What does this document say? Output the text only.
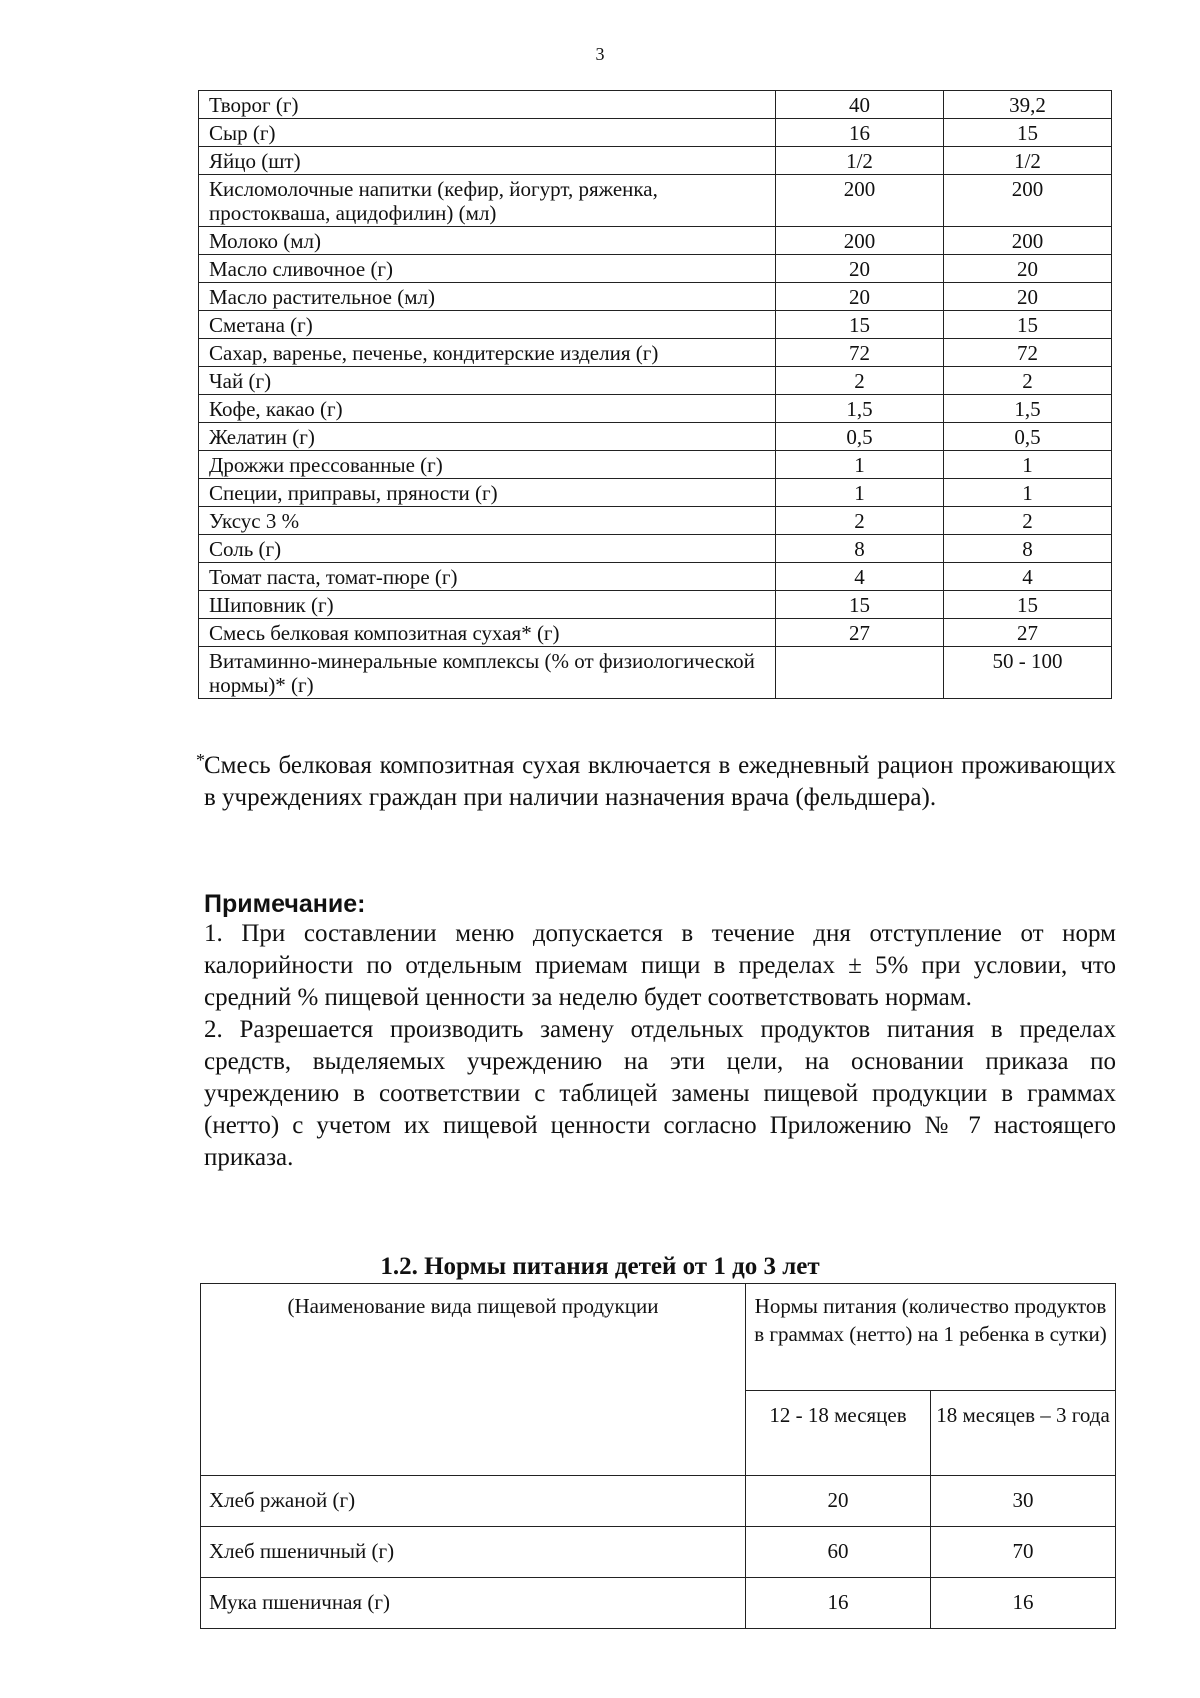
3
Творог (г)	40	39,2
Сыр (г)	16	15
Яйцо (шт)	1/2	1/2
Кисломолочные напитки (кефир, йогурт, ряженка, простокваша, ацидофилин) (мл)	200	200
Молоко (мл)	200	200
Масло сливочное (г)	20	20
Масло растительное (мл)	20	20
Сметана (г)	15	15
Сахар, варенье, печенье, кондитерские изделия (г)	72	72
Чай (г)	2	2
Кофе, какао (г)	1,5	1,5
Желатин (г)	0,5	0,5
Дрожжи прессованные (г)	1	1
Специи, приправы, пряности (г)	1	1
Уксус 3 %	2	2
Соль (г)	8	8
Томат паста, томат-пюре (г)	4	4
Шиповник (г)	15	15
Смесь белковая композитная сухая* (г)	27	27
Витаминно-минеральные комплексы (% от физиологической нормы)* (г)		50 - 100
* Смесь белковая композитная сухая включается в ежедневный рацион проживающих в учреждениях граждан при наличии назначения врача (фельдшера).

Примечание:

1. При составлении меню допускается в течение дня отступление от норм калорийности по отдельным приемам пищи в пределах ± 5% при условии, что средний % пищевой ценности за неделю будет соответствовать нормам.

2. Разрешается производить замену отдельных продуктов питания в пределах средств, выделяемых учреждению на эти цели, на основании приказа по учреждению в соответствии с таблицей замены пищевой продукции в граммах (нетто) с учетом их пищевой ценности согласно Приложению № 7 настоящего приказа.

1.2. Нормы питания детей от 1 до 3 лет
(Наименование вида пищевой продукции	Нормы питания (количество продуктов в граммах (нетто) на 1 ребенка в сутки)	
	12 - 18 месяцев	18 месяцев – 3 года
Хлеб ржаной (г)	20	30
Хлеб пшеничный (г)	60	70
Мука пшеничная (г)	16	16
